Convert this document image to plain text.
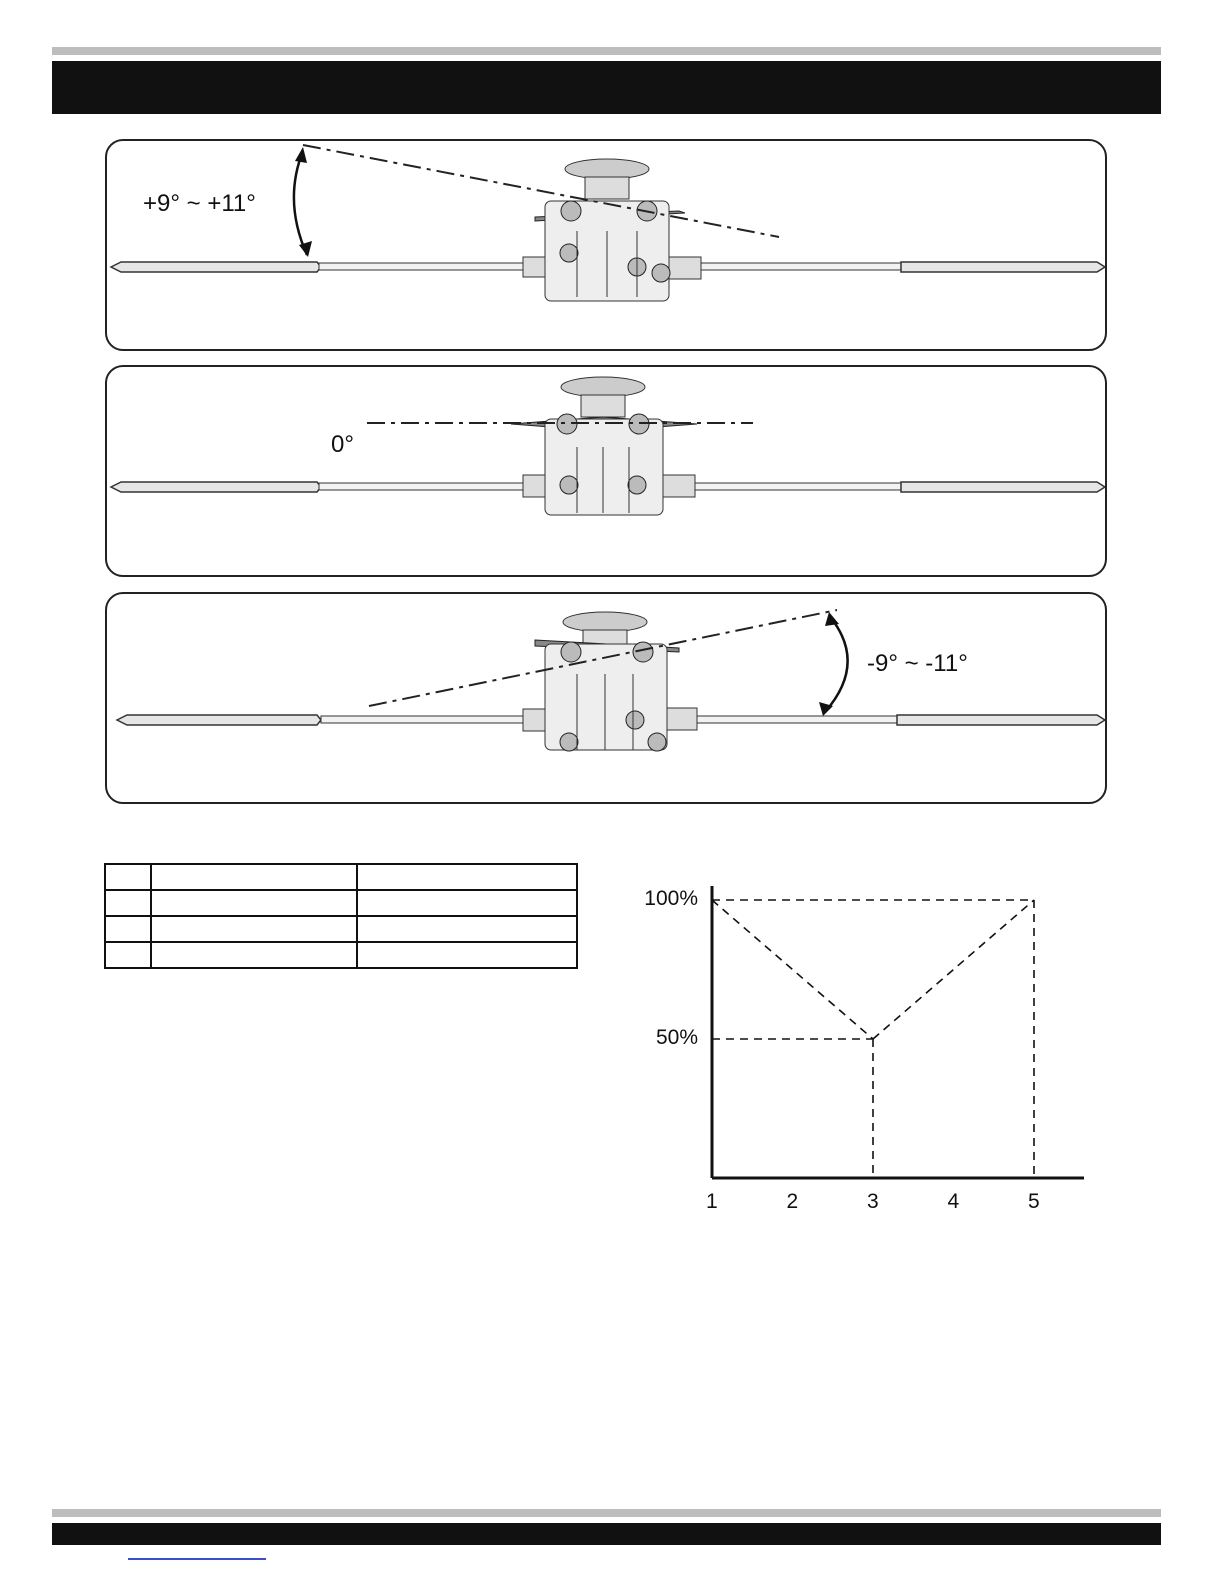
+9° ~ +11°
0°
-9° ~ -11°

1	2	3	4	5
50%
100%
